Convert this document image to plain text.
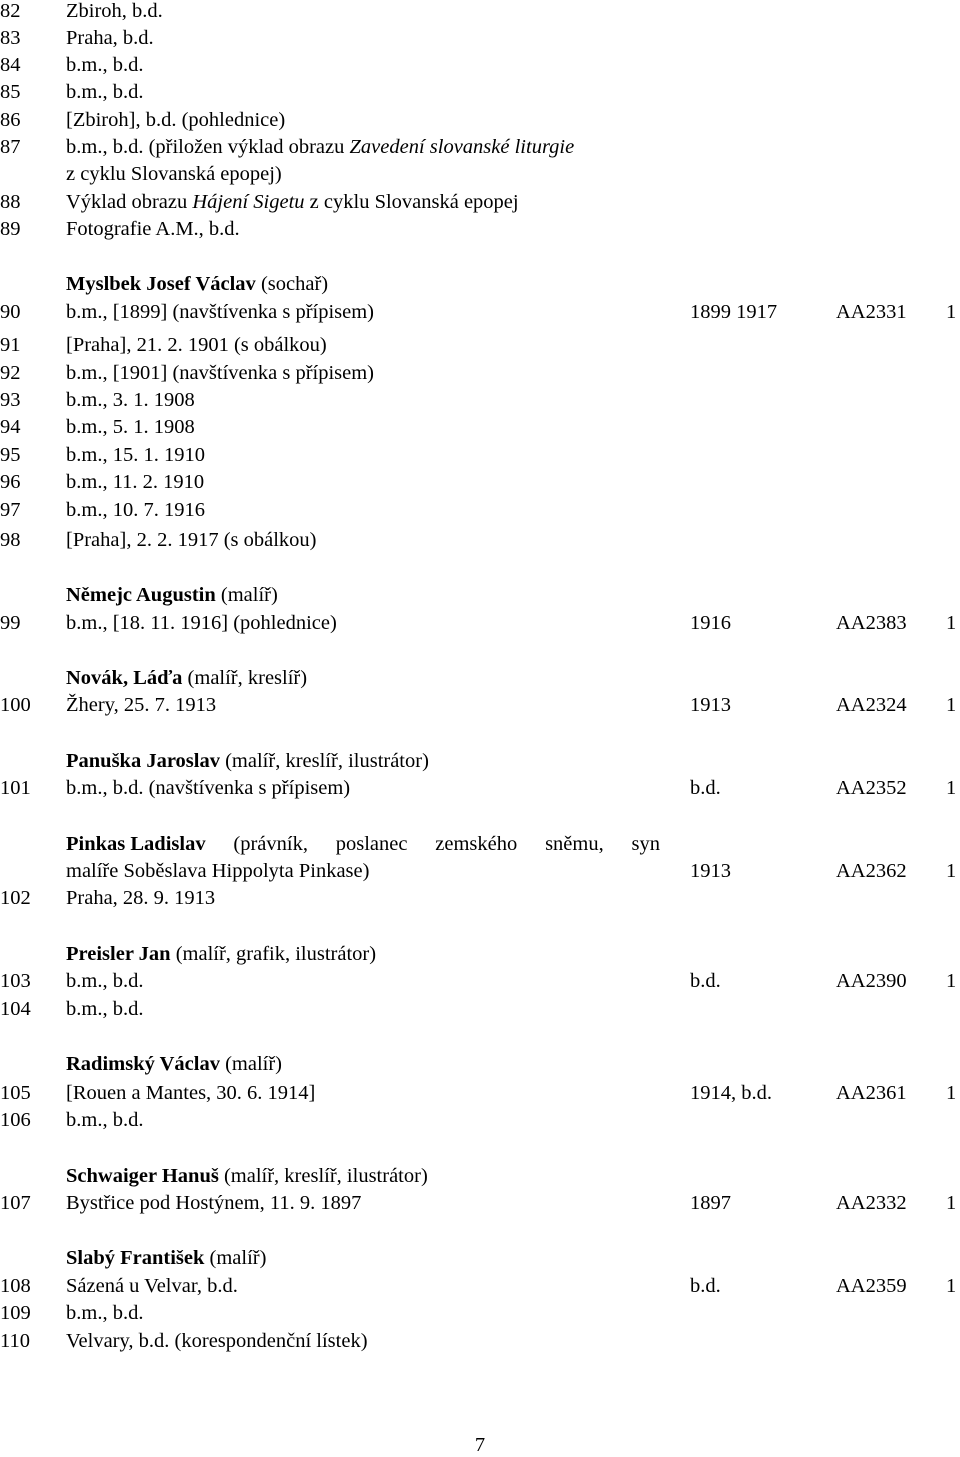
82	Zbiroh, b.d.
83	Praha, b.d.
84	b.m., b.d.
85	b.m., b.d.
86	[Zbiroh], b.d. (pohlednice)
87	b.m., b.d. (přiložen výklad obrazu Zavedení slovanské liturgie
z cyklu Slovanská epopej)
88	Výklad obrazu Hájení Sigetu z cyklu Slovanská epopej
89	Fotografie A.M., b.d.
Myslbek Josef Václav (sochař)
90	b.m., [1899] (navštívenka s přípisem)	1899 1917	AA2331 1
91	[Praha], 21. 2. 1901 (s obálkou)
92	b.m., [1901] (navštívenka s přípisem)
93	b.m., 3. 1. 1908
94	b.m., 5. 1. 1908
95	b.m., 15. 1. 1910
96	b.m., 11. 2. 1910
97	b.m., 10. 7. 1916
98	[Praha], 2. 2. 1917 (s obálkou)
Němejc Augustin (malíř)
99	b.m., [18. 11. 1916] (pohlednice)	1916	AA2383 1
Novák, Láďa (malíř, kreslíř)
100	Žhery, 25. 7. 1913	1913	AA2324 1
Panuška Jaroslav (malíř, kreslíř, ilustrátor)
101	b.m., b.d. (navštívenka s přípisem)	b.d.	AA2352 1
Pinkas Ladislav (právník, poslanec zemského sněmu, syn
malíře Soběslava Hippolyta Pinkase)	1913	AA2362 1
102	Praha, 28. 9. 1913
Preisler Jan (malíř, grafik, ilustrátor)
103	b.m., b.d.	b.d.	AA2390 1
104	b.m., b.d.
Radimský Václav (malíř)
105	[Rouen a Mantes, 30. 6. 1914]	1914, b.d.	AA2361 1
106	b.m., b.d.
Schwaiger Hanuš (malíř, kreslíř, ilustrátor)
107	Bystřice pod Hostýnem, 11. 9. 1897	1897	AA2332 1
Slabý František (malíř)
108	Sázená u Velvar, b.d.	b.d.	AA2359 1
109	b.m., b.d.
110	Velvary, b.d. (korespondenční lístek)
7
